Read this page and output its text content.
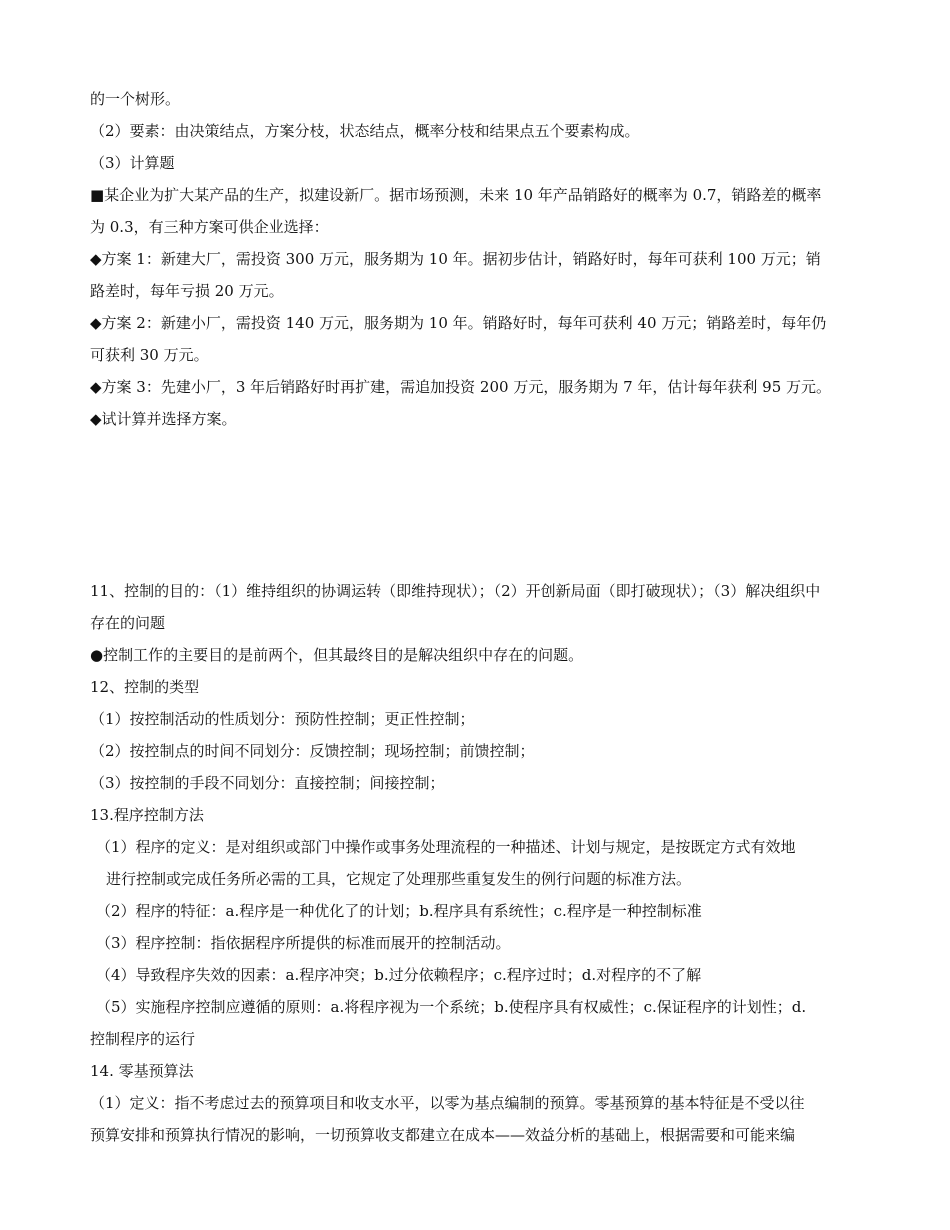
的一个树形。
（2）要素：由决策结点，方案分枝，状态结点，概率分枝和结果点五个要素构成。
（3）计算题
■某企业为扩大某产品的生产，拟建设新厂。据市场预测，未来 10 年产品销路好的概率为 0.7，销路差的概率
为 0.3，有三种方案可供企业选择：
◆方案 1：新建大厂，需投资 300 万元，服务期为 10 年。据初步估计，销路好时，每年可获利 100 万元；销
路差时，每年亏损 20 万元。
◆方案 2：新建小厂，需投资 140 万元，服务期为 10 年。销路好时，每年可获利 40 万元；销路差时，每年仍
可获利 30 万元。
◆方案 3：先建小厂，3 年后销路好时再扩建，需追加投资 200 万元，服务期为 7 年，估计每年获利 95 万元。
◆试计算并选择方案。
11、控制的目的：（1）维持组织的协调运转（即维持现状）；（2）开创新局面（即打破现状）；（3）解决组织中
存在的问题
●控制工作的主要目的是前两个，但其最终目的是解决组织中存在的问题。
12、控制的类型
（1）按控制活动的性质划分：预防性控制；更正性控制；
（2）按控制点的时间不同划分：反馈控制；现场控制；前馈控制；
（3）按控制的手段不同划分：直接控制；间接控制；
13.程序控制方法
（1）程序的定义：是对组织或部门中操作或事务处理流程的一种描述、计划与规定，是按既定方式有效地
进行控制或完成任务所必需的工具，它规定了处理那些重复发生的例行问题的标准方法。
（2）程序的特征：a.程序是一种优化了的计划；b.程序具有系统性；c.程序是一种控制标准
（3）程序控制：指依据程序所提供的标准而展开的控制活动。
（4）导致程序失效的因素：a.程序冲突；b.过分依赖程序；c.程序过时；d.对程序的不了解
（5）实施程序控制应遵循的原则：a.将程序视为一个系统；b.使程序具有权威性；c.保证程序的计划性；d.
控制程序的运行
14. 零基预算法
（1）定义：指不考虑过去的预算项目和收支水平，以零为基点编制的预算。零基预算的基本特征是不受以往
预算安排和预算执行情况的影响，一切预算收支都建立在成本——效益分析的基础上，根据需要和可能来编
